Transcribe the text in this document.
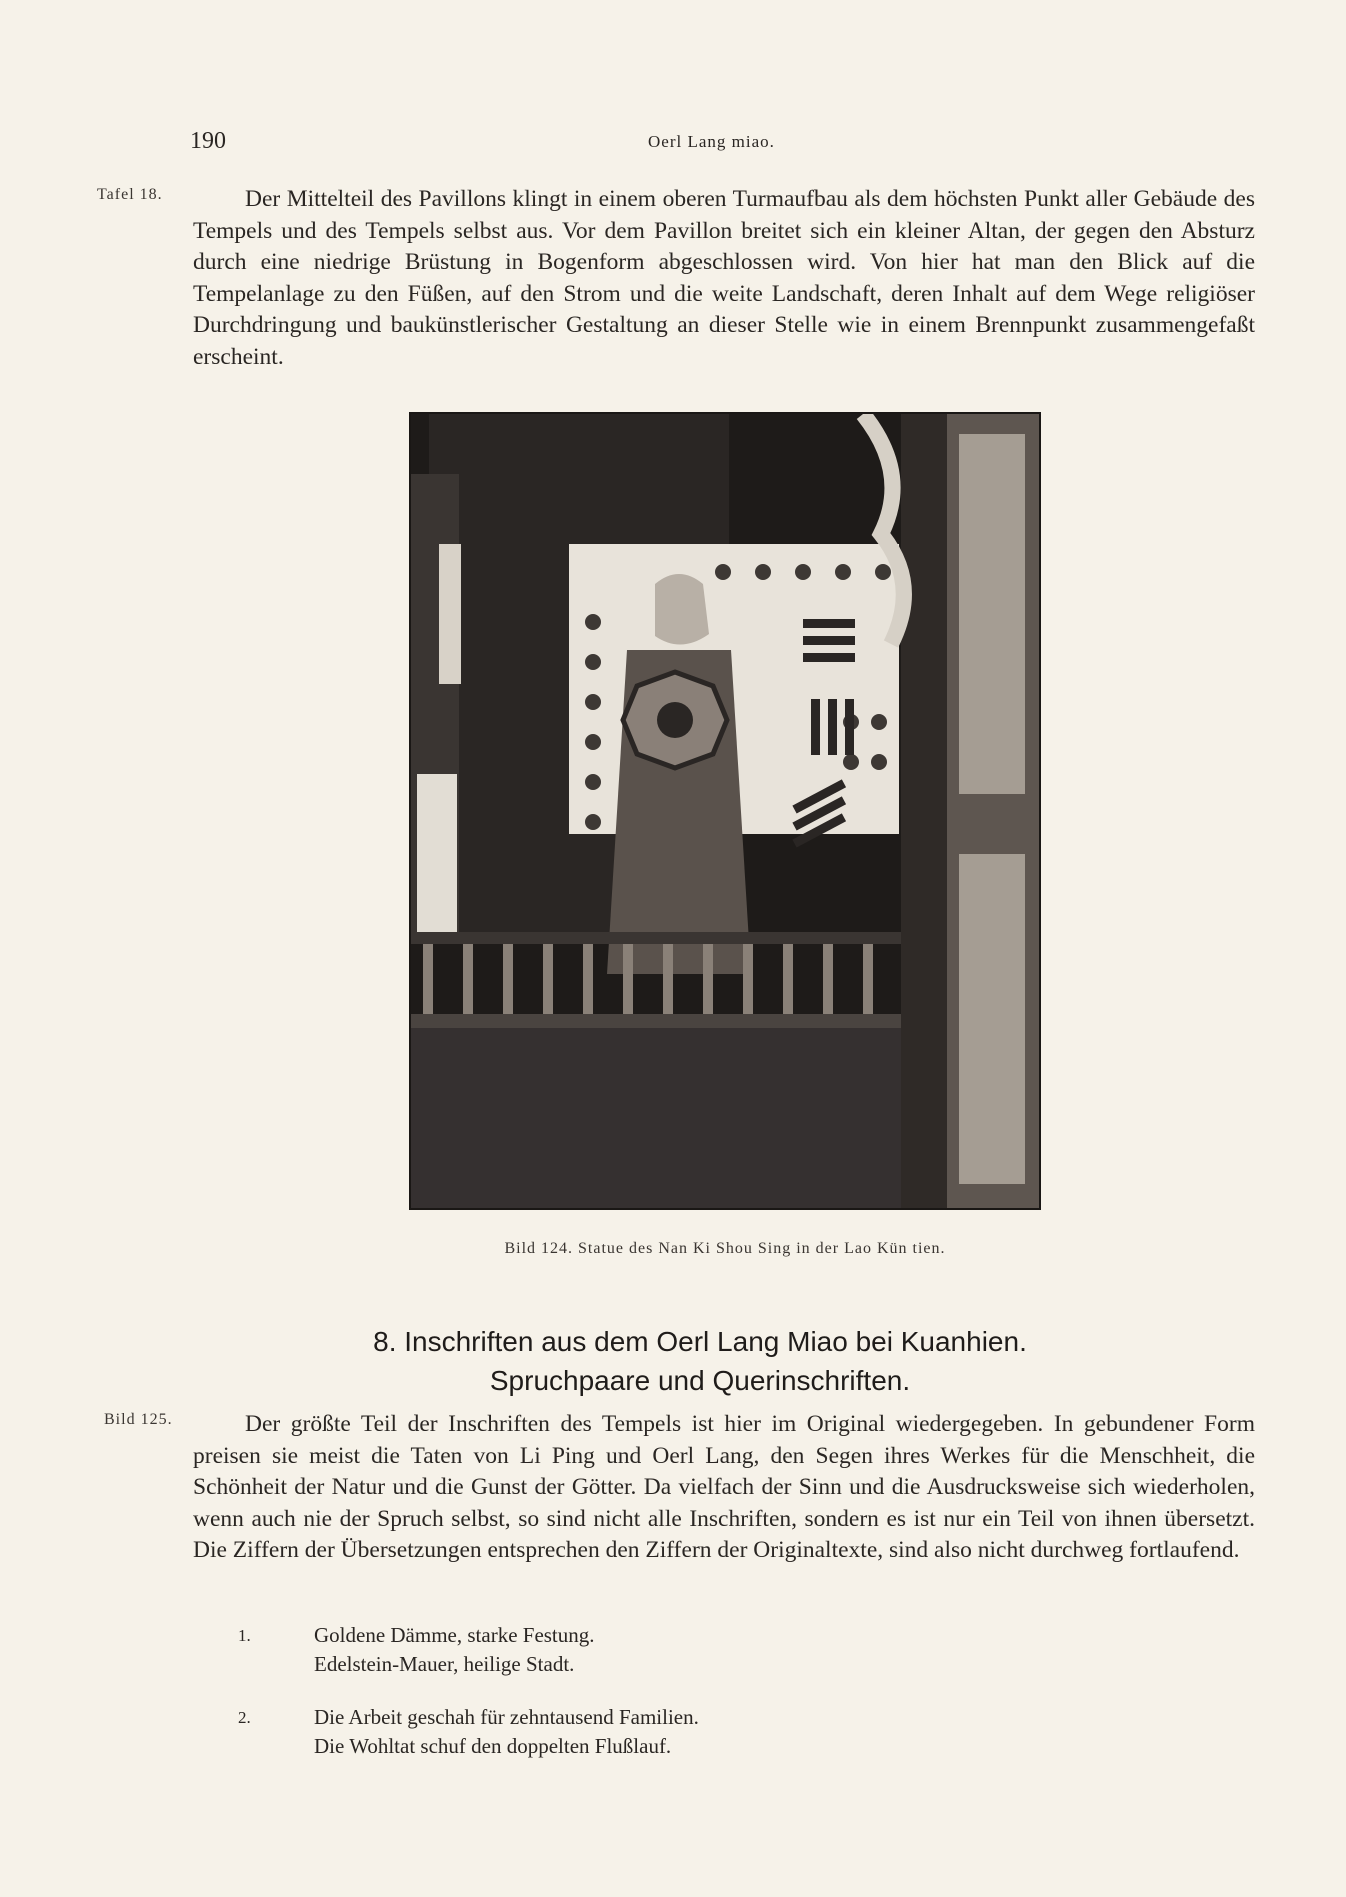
190	Oerl Lang miao.
Tafel 18.	Der Mittelteil des Pavillons klingt in einem oberen Turmaufbau als dem höchsten Punkt aller Gebäude des Tempels und des Tempels selbst aus. Vor dem Pavillon breitet sich ein kleiner Altan, der gegen den Absturz durch eine niedrige Brüstung in Bogenform abgeschlossen wird. Von hier hat man den Blick auf die Tempelanlage zu den Füßen, auf den Strom und die weite Landschaft, deren Inhalt auf dem Wege religiöser Durchdringung und baukünstlerischer Gestaltung an dieser Stelle wie in einem Brennpunkt zusammengefaßt erscheint.

Bild 124. Statue des Nan Ki Shou Sing in der Lao Kün tien.
8. Inschriften aus dem Oerl Lang Miao bei Kuanhien.
Spruchpaare und Querinschriften.
Bild 125.	Der größte Teil der Inschriften des Tempels ist hier im Original wiedergegeben. In gebundener Form preisen sie meist die Taten von Li Ping und Oerl Lang, den Segen ihres Werkes für die Menschheit, die Schönheit der Natur und die Gunst der Götter. Da vielfach der Sinn und die Ausdrucksweise sich wiederholen, wenn auch nie der Spruch selbst, so sind nicht alle Inschriften, sondern es ist nur ein Teil von ihnen übersetzt. Die Ziffern der Übersetzungen entsprechen den Ziffern der Originaltexte, sind also nicht durchweg fortlaufend.

1.	Goldene Dämme, starke Festung.
Edelstein-Mauer, heilige Stadt.
2.	Die Arbeit geschah für zehntausend Familien.
Die Wohltat schuf den doppelten Flußlauf.
